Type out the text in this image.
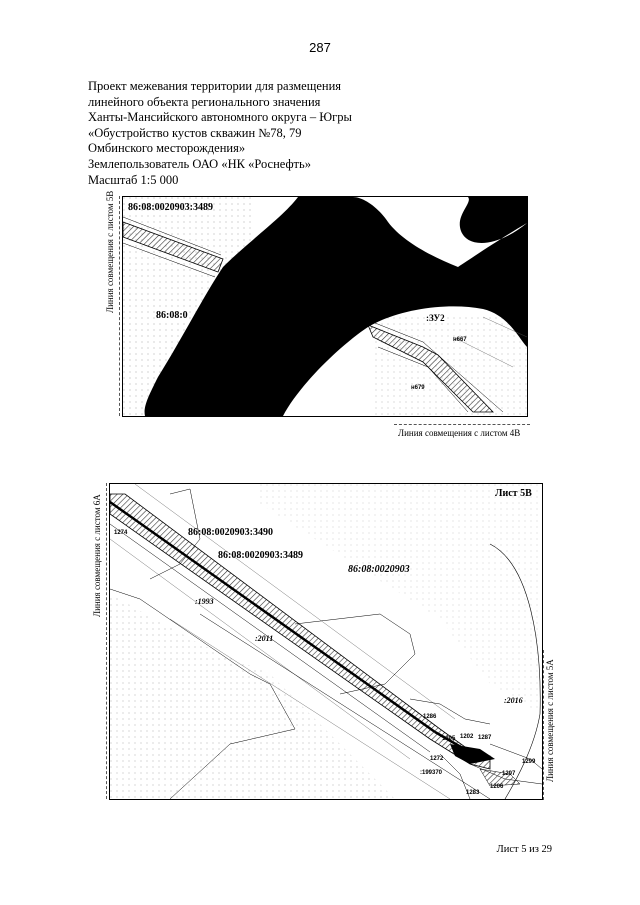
287
Проект межевания территории для размещения
линейного объекта регионального значения
Ханты-Мансийского автономного округа – Югры
«Обустройство кустов скважин №78, 79
Омбинского месторождения»
Землепользователь ОАО «НК «Роснефть»
Масштаб 1:5 000
86:08:0020903:3489
86:08:0	:ЗУ2
н667
н679
Линия совмещения с листом 5В
Линия совмещения с листом 4В
Лист 5В
86:08:0020903:3490
86:08:0020903:3489
86:08:0020903
:1993
:2011
:2016
1274
1286
1205 1202 1287
1272	1299
1297
1206
1283
:199370
Линия совмещения с листом 6А
Линия совмещения с листом 5А
Лист 5 из 29
